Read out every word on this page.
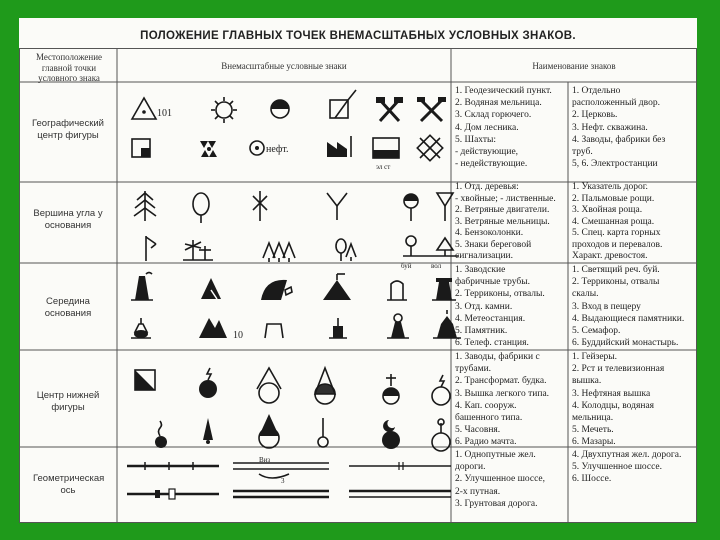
ПОЛОЖЕНИЕ ГЛАВНЫХ ТОЧЕК ВНЕМАСШТАБНЫХ УСЛОВНЫХ ЗНАКОВ.
101
нефт.
эл ст
буй	вол
10
Виз
3
Местоположение главной точки условного знака
Внемасштабные условные знаки	Наименование знаков
Географический центр фигуры
Вершина угла у основания
Середина основания
Центр нижней фигуры
Геометрическая ось
1. Геодезический пункт.
2. Водяная мельница.
3. Склад горючего.
4. Дом лесника.
5. Шахты:
- действующие,
- недействующие.
1. Отдельно
расположенный двор.
2. Церковь.
3. Нефт. скважина.
4. Заводы, фабрики без
труб.
5, 6. Электростанции
1. Отд. деревья:
- хвойные; - лиственные.
2. Ветряные двигатели.
3. Ветряные мельницы.
4. Бензоколонки.
5. Знаки береговой
сигнализации.
1. Указатель дорог.
2. Пальмовые рощи.
3. Хвойная роща.
4. Смешанная роща.
5. Спец. карта горных
проходов и перевалов.
Характ. древостоя.
1. Заводские
фабричные трубы.
2. Терриконы, отвалы.
3. Отд. камни.
4. Метеостанция.
5. Памятник.
6. Телеф. станция.
1. Светящий реч. буй.
2. Терриконы, отвалы
скалы.
3. Вход в пещеру
4. Выдающиеся памятники.
5. Семафор.
6. Буддийский монастырь.
1. Заводы, фабрики с
трубами.
2. Трансформат. будка.
3. Вышка легкого типа.
4. Кап. сооруж.
башенного типа.
5. Часовня.
6. Радио мачта.
1. Гейзеры.
2. Рст и телевизионная
вышка.
3. Нефтяная вышка
4. Колодцы, водяная
мельница.
5. Мечеть.
6. Мазары.
1. Однопутные жел.
дороги.
2. Улучшенное шоссе,
2-х путная.
3. Грунтовая дорога.
4. Двухпутная жел. дорога.
5. Улучшенное шоссе.
6. Шоссе.
